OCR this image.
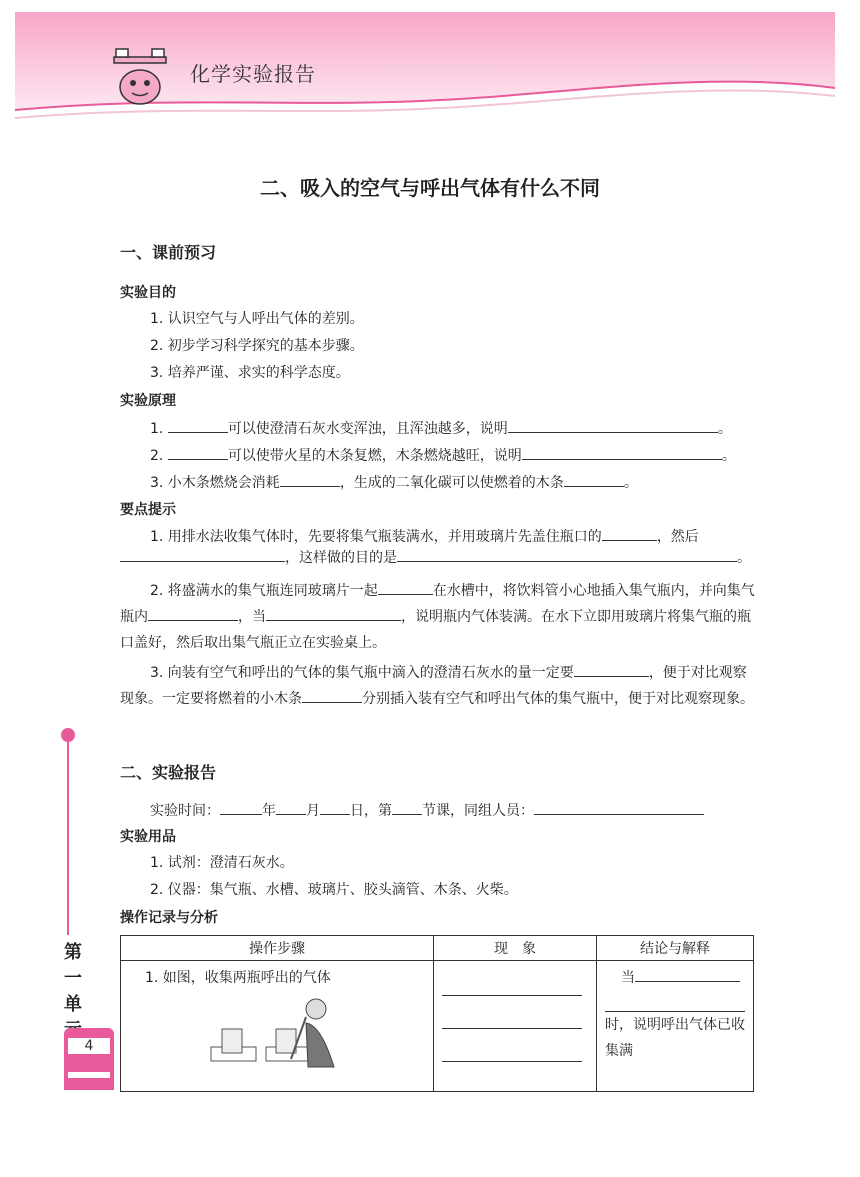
化学实验报告
二、吸入的空气与呼出气体有什么不同
一、课前预习
实验目的
1. 认识空气与人呼出气体的差别。
2. 初步学习科学探究的基本步骤。
3. 培养严谨、求实的科学态度。
实验原理
1.	可以使澄清石灰水变浑浊，且浑浊越多，说明	。
2.	可以使带火星的木条复燃，木条燃烧越旺，说明	。
3. 小木条燃烧会消耗	，生成的二氧化碳可以使燃着的木条	。
要点提示
1. 用排水法收集气体时，先要将集气瓶装满水，并用玻璃片先盖住瓶口的	，然后
，这样做的目的是	。
2. 将盛满水的集气瓶连同玻璃片一起	在水槽中，将饮料管小心地插入集气瓶内，并向集气瓶内	，当	，说明瓶内气体装满。在水下立即用玻璃片将集气瓶的瓶口盖好，然后取出集气瓶正立在实验桌上。
3. 向装有空气和呼出的气体的集气瓶中滴入的澄清石灰水的量一定要	，便于对比观察现象。一定要将燃着的小木条	分别插入装有空气和呼出气体的集气瓶中，便于对比观察现象。
二、实验报告
实验时间：	年 月 日，第 节课，同组人员：
实验用品
1. 试剂：澄清石灰水。
2. 仪器：集气瓶、水槽、玻璃片、胶头滴管、木条、火柴。
操作记录与分析
操作步骤	现　象	结论与解释
1. 如图，收集两瓶呼出的气体		当
时，说明呼出气体已收集满
第一单
4
